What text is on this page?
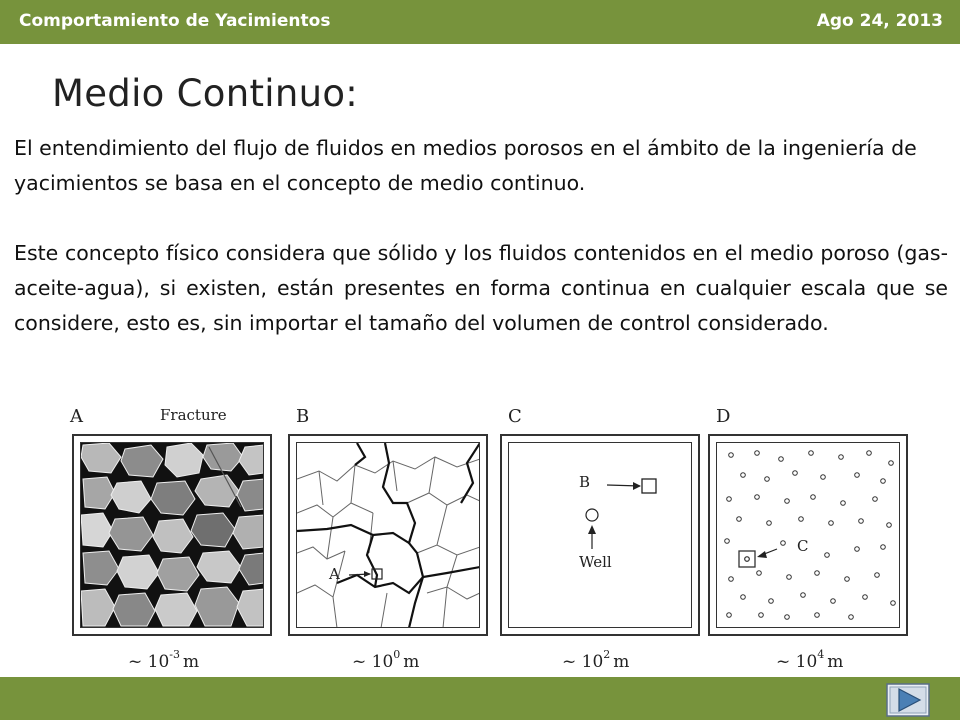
Comportamiento de Yacimientos	Ago 24, 2013
Medio Continuo:

El entendimiento del flujo de fluidos en medios porosos en el ámbito de la ingeniería de yacimientos se basa en el concepto de medio continuo.

Este concepto físico considera que sólido y los fluidos contenidos en el medio poroso (gas-aceite-agua), si existen, están presentes en forma continua en cualquier escala que se considere, esto es, sin importar el tamaño del volumen de control considerado.

A	B	C	D
Fracture
A
B
Well
C
~ $10^{-3}$ m	~ $10^0$ m	~ $10^2$ m	~ $10^4$ m
